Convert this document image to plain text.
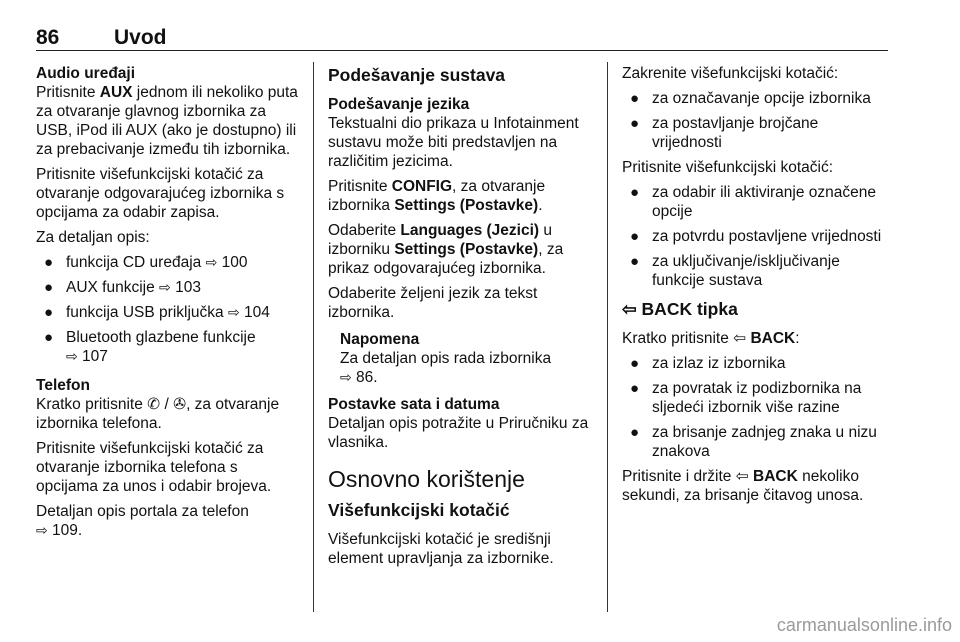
86	Uvod
Audio uređaji

Pritisnite AUX jednom ili nekoliko puta za otvaranje glavnog izbornika za USB, iPod ili AUX (ako je dostupno) ili za prebacivanje između tih izbornika.

Pritisnite višefunkcijski kotačić za otvaranje odgovarajućeg izbornika s opcijama za odabir zapisa.

Za detaljan opis:

● funkcija CD uređaja ⇨ 100
● AUX funkcije ⇨ 103
● funkcija USB priključka ⇨ 104
● Bluetooth glazbene funkcije
⇨ 107
Telefon

Kratko pritisnite ✆ / ✇, za otvaranje izbornika telefona.

Pritisnite višefunkcijski kotačić za otvaranje izbornika telefona s opcijama za unos i odabir brojeva.

Detaljan opis portala za telefon
⇨ 109.

Podešavanje sustava
Podešavanje jezika

Tekstualni dio prikaza u Infotainment sustavu može biti predstavljen na različitim jezicima.

Pritisnite CONFIG, za otvaranje izbornika Settings (Postavke).

Odaberite Languages (Jezici) u izborniku Settings (Postavke), za prikaz odgovarajućeg izbornika.

Odaberite željeni jezik za tekst izbornika.

Napomena
Za detaljan opis rada izbornika
⇨ 86.
Postavke sata i datuma

Detaljan opis potražite u Priručniku za vlasnika.

Osnovno korištenje
Višefunkcijski kotačić

Višefunkcijski kotačić je središnji element upravljanja za izbornike.

Zakrenite višefunkcijski kotačić:

● za označavanje opcije izbornika
● za postavljanje brojčane vrijednosti

Pritisnite višefunkcijski kotačić:

● za odabir ili aktiviranje označene opcije
● za potvrdu postavljene vrijednosti
● za uključivanje/isključivanje funkcije sustava
⇦ BACK tipka

Kratko pritisnite ⇦ BACK:

● za izlaz iz izbornika
● za povratak iz podizbornika na sljedeći izbornik više razine
● za brisanje zadnjeg znaka u nizu znakova

Pritisnite i držite ⇦ BACK nekoliko sekundi, za brisanje čitavog unosa.

carmanualsonline.info
